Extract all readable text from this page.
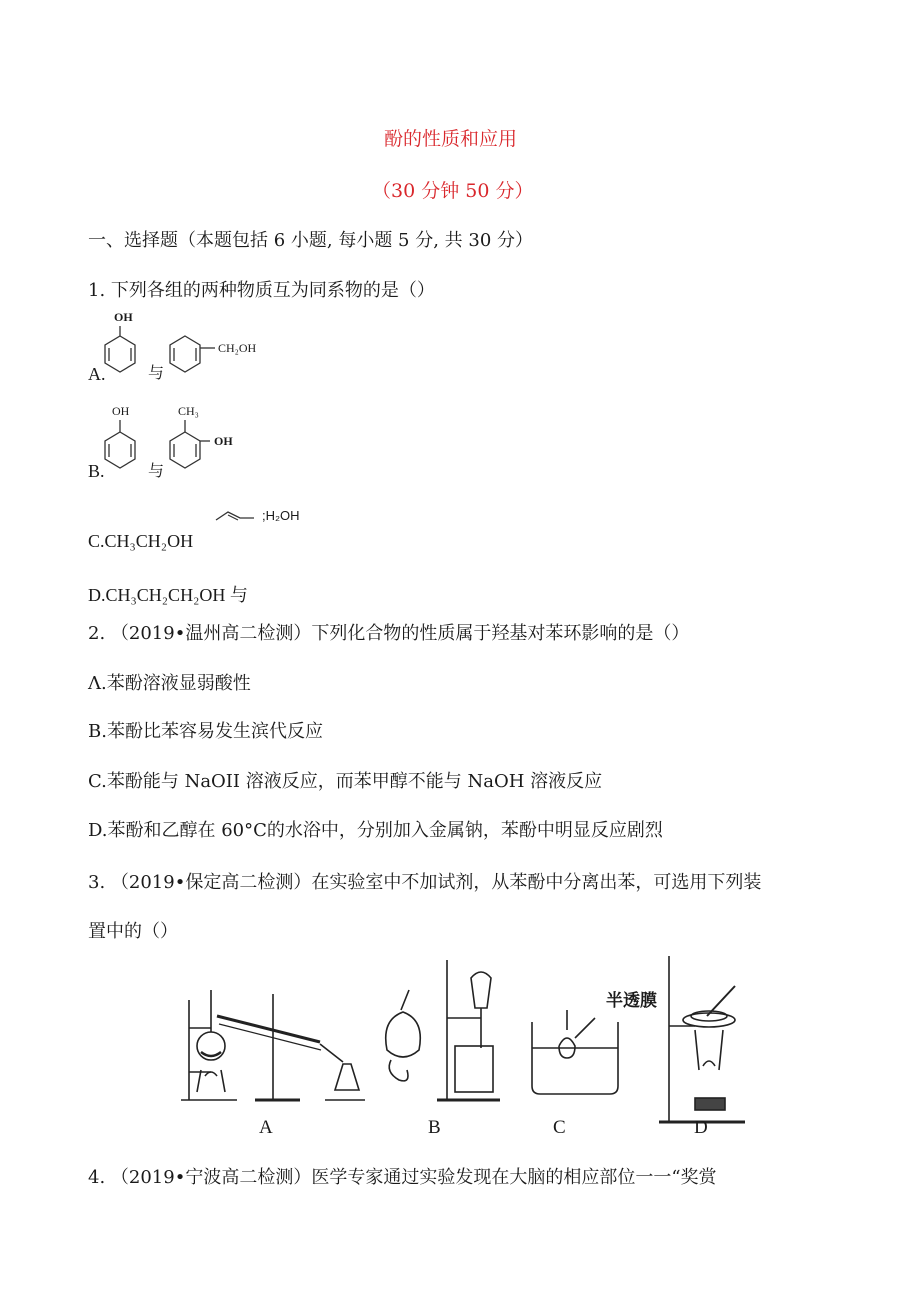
酚的性质和应用
（30 分钟 50 分）
一、选择题（本题包括 6 小题, 每小题 5 分, 共 30 分）
1. 下列各组的两种物质互为同系物的是（）
A.
OH
与
CH₂OH
B.
OH
与
CH₃
OH
;H₂OH
C.CH₃CH₂OH
D.CH₃CH₂CH₂OH 与
2. （2019•温州高二检测）下列化合物的性质属于羟基对苯环影响的是（）
Λ.苯酚溶液显弱酸性
B.苯酚比苯容易发生滨代反应
C.苯酚能与 NaOII 溶液反应，而苯甲醇不能与 NaOH 溶液反应
D.苯酚和乙醇在 60°C的水浴中，分别加入金属钠，苯酚中明显反应剧烈
3. （2019•保定高二检测）在实验室中不加试剂，从苯酚中分离出苯，可选用下列装
置中的（）
半透膜
A	B	C	D
4. （2019•宁波高二检测）医学专家通过实验发现在大脑的相应部位一一“奖赏
